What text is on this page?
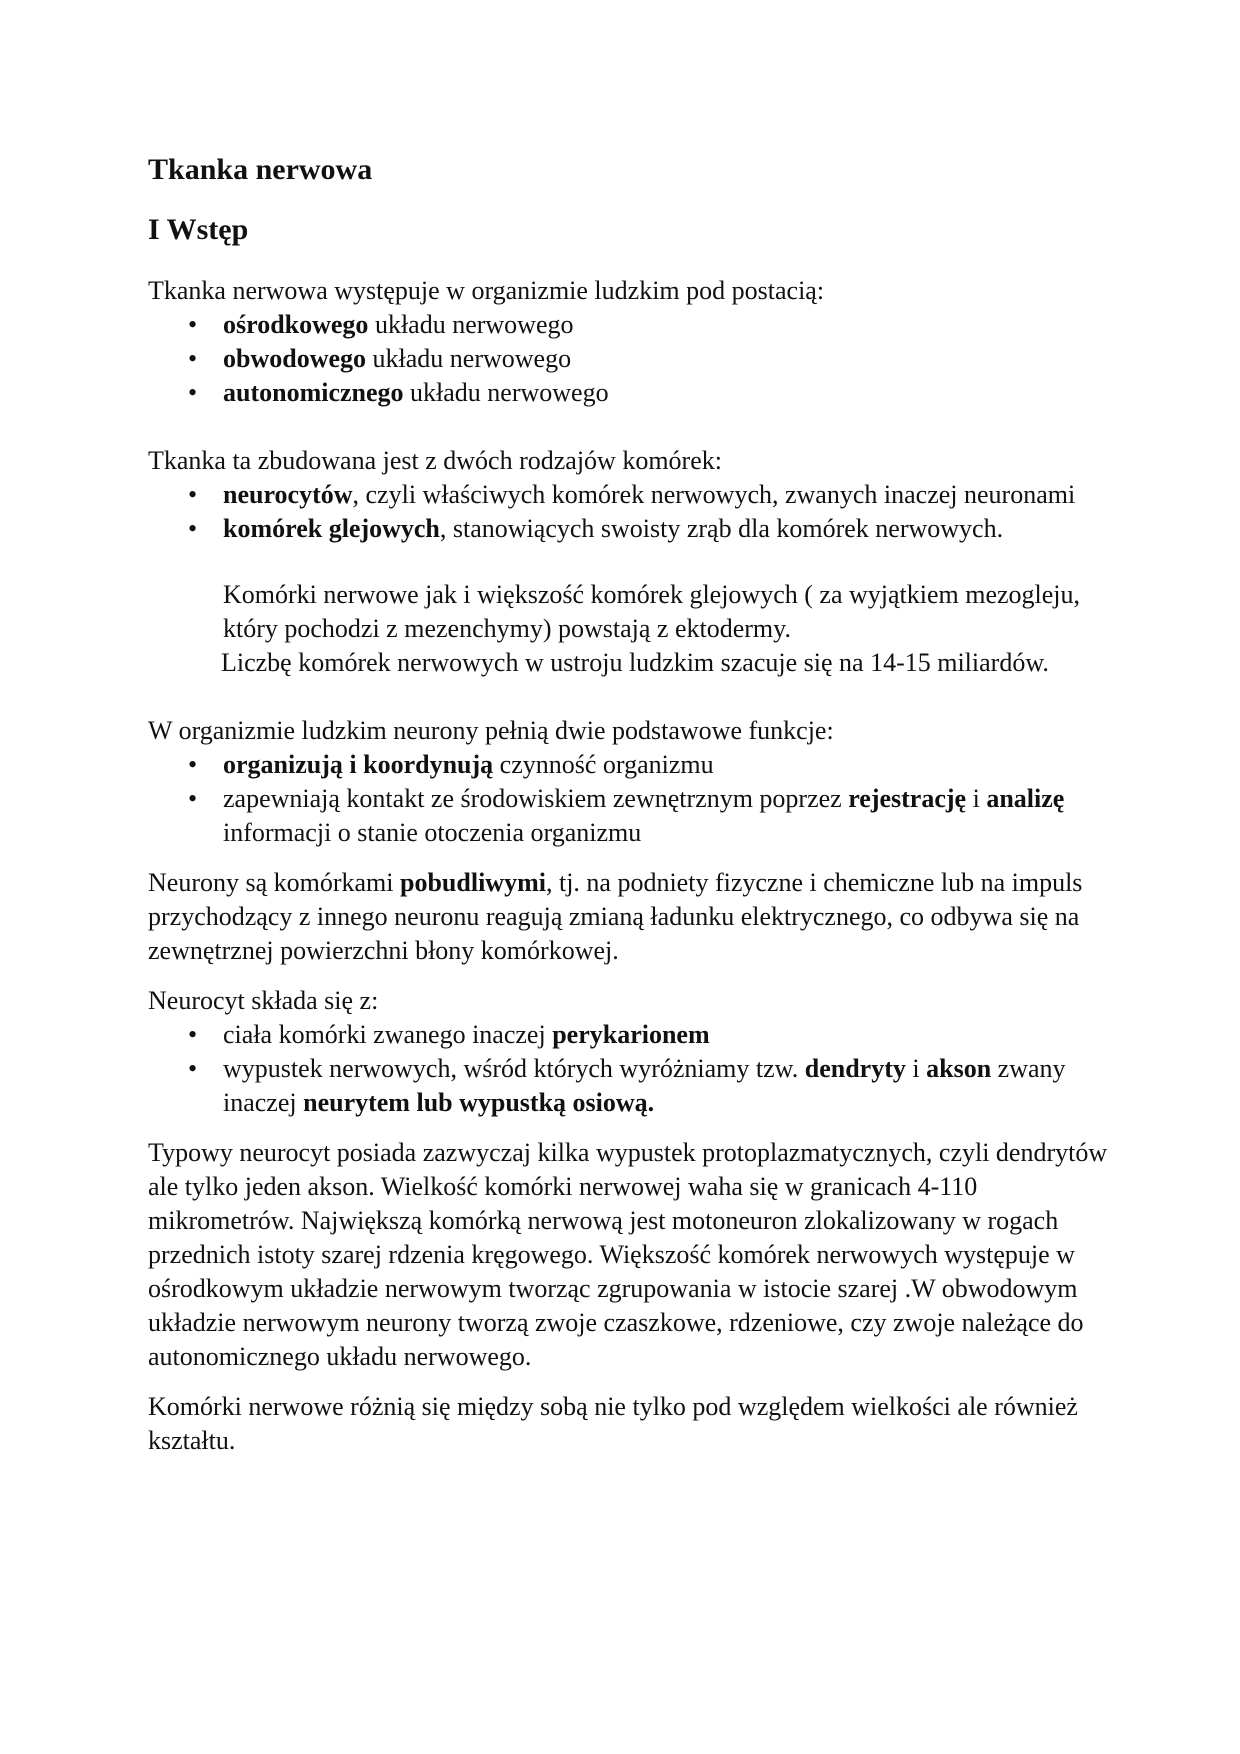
Tkanka nerwowa
I Wstęp

Tkanka nerwowa występuje w organizmie ludzkim pod postacią:

• ośrodkowego układu nerwowego
• obwodowego układu nerwowego
• autonomicznego układu nerwowego

Tkanka ta zbudowana jest z dwóch rodzajów komórek:

• neurocytów, czyli właściwych komórek nerwowych, zwanych inaczej neuronami
• komórek glejowych, stanowiących swoisty zrąb dla komórek nerwowych.
Komórki nerwowe jak i większość komórek glejowych ( za wyjątkiem mezogleju, który pochodzi z mezenchymy) powstają z ektodermy.

Liczbę komórek nerwowych w ustroju ludzkim szacuje się na 14-15 miliardów.

W organizmie ludzkim neurony pełnią dwie podstawowe funkcje:

• organizują i koordynują czynność organizmu
• zapewniają kontakt ze środowiskiem zewnętrznym poprzez rejestrację i analizę informacji o stanie otoczenia organizmu

Neurony są komórkami pobudliwymi, tj. na podniety fizyczne i chemiczne lub na impuls przychodzący z innego neuronu reagują zmianą ładunku elektrycznego, co odbywa się na zewnętrznej powierzchni błony komórkowej.

Neurocyt składa się z:

• ciała komórki zwanego inaczej perykarionem
• wypustek nerwowych, wśród których wyróżniamy tzw. dendryty i akson zwany inaczej neurytem lub wypustką osiową.

Typowy neurocyt posiada zazwyczaj kilka wypustek protoplazmatycznych, czyli dendrytów ale tylko jeden akson. Wielkość komórki nerwowej waha się w granicach 4-110 mikrometrów. Największą komórką nerwową jest motoneuron zlokalizowany w rogach przednich istoty szarej rdzenia kręgowego. Większość komórek nerwowych występuje w ośrodkowym układzie nerwowym tworząc zgrupowania w istocie szarej .W obwodowym układzie nerwowym neurony tworzą zwoje czaszkowe, rdzeniowe, czy zwoje należące do autonomicznego układu nerwowego.

Komórki nerwowe różnią się między sobą nie tylko pod względem wielkości ale również kształtu.
